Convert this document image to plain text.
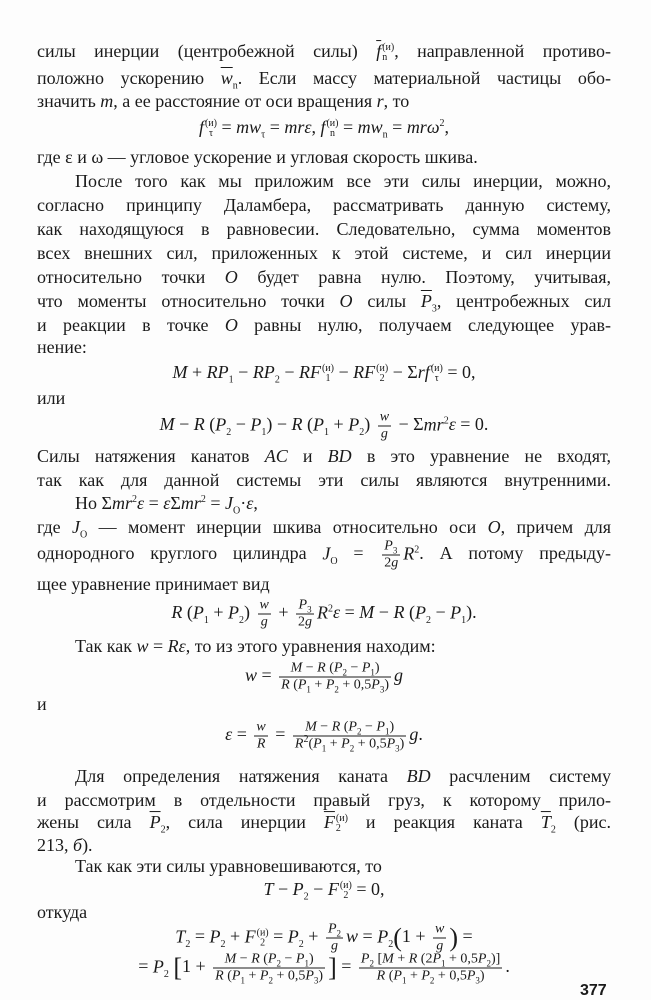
силы инерции (центробежной силы) $\overline{f}$ (и)
n , направленной противо-
положно ускорению $\overline{w}_n$. Если массу материальной частицы обо-
значить m, а ее расстояние от оси вращения r, то
f (и)
$\tau = mw_\tau = mr\varepsilon$, f (и)
$n = mw_n = mr\omega^2$,
где ε и ω — угловое ускорение и угловая скорость шкива.
После того как мы приложим все эти силы инерции, можно,
согласно принципу Даламбера, рассматривать данную систему,
как находящуюся в равновесии. Следовательно, сумма моментов
всех внешних сил, приложенных к этой системе, и сил инерции
относительно точки O будет равна нулю. Поэтому, учитывая,
что моменты относительно точки O силы $\overline{P}_3$, центробежных сил
и реакции в точке O равны нулю, получаем следующее урав-
нение:
$M + RP_1 - RP_2$ − RF (и)
1 − RF (и)
2 − Σrf (и)
τ = 0,
или
M − R $(P_2 - P_1) - R$ $(P_1 + P_2) \frac{w}{g} - \Sigma mr^2\varepsilon = 0$.
Силы натяжения канатов AC и BD в это уравнение не входят,
так как для данной системы эти силы являются внутренними.
Но $\Sigma mr^2\varepsilon = \varepsilon\Sigma mr^2 = J_O\cdot\varepsilon$,
где $J_O$ — момент инерции шкива относительно оси O, причем для
однородного круглого цилиндра $J_O = \frac{P_3}{2g} R^2$. А потому предыду-
щее уравнение принимает вид
R $(P_1 + P_2) \frac{w}{g} + \frac{P_3}{2g} R^2\varepsilon = M - R$ $(P_2 - P_1)$.
Так как w = Rε, то из этого уравнения находим:
$w = \frac{M - R (P_2 - P_1)}{R (P_1 + P_2 + 0,5P_3)}$ g
и
$\varepsilon = \frac{w}{R} = \frac{M - R (P_2 - P_1)}{R^2(P_1 + P_2 + 0,5P_3)} g$.
Для определения натяжения каната BD расчленим систему
и рассмотрим в отдельности правый груз, к которому прило-
жены сила $\overline{P}_2$, сила инерции $\overline{F}$ (и)
2 и реакция каната $\overline{T}_2$ (рис.
213, б).
Так как эти силы уравновешиваются, то
$T - P_2 - F$ (и)
2 = 0,
откуда
$T_2 = P_2 + F$ (и)
$2 = P_2 + \frac{P_2}{g}$ $w = P_2(1 + \frac{w}{g}$ ) =
= $P_2$ [$1 + \frac{M - R (P_2 - P_1)}{R (P_1 + P_2 + 0,5P_3)}$ ] = $\frac{P_2 [M + R (2P_1 + 0,5P_2)]}{R (P_1 + P_2 + 0,5P_3)}$ .
377
